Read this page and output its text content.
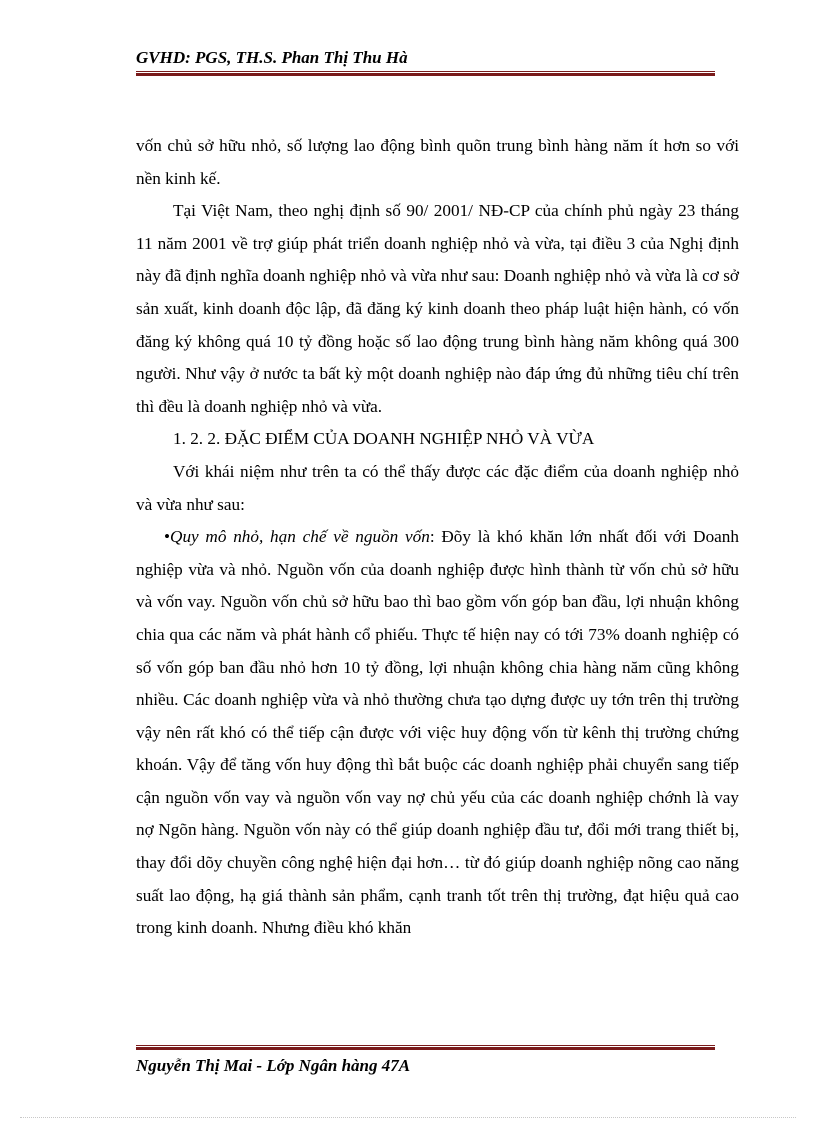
GVHD: PGS, TH.S. Phan Thị Thu Hà

vốn chủ sở hữu nhỏ, số lượng lao động bình quõn trung bình hàng năm ít hơn so với nền kinh kế.

Tại Việt Nam, theo nghị định số 90/ 2001/ NĐ-CP của chính phủ ngày 23 tháng 11 năm 2001 về trợ giúp phát triển doanh nghiệp nhỏ và vừa, tại điều 3 của Nghị định này đã định nghĩa doanh nghiệp nhỏ và vừa như sau: Doanh nghiệp nhỏ và vừa là cơ sở sản xuất, kinh doanh độc lập, đã đăng ký kinh doanh theo pháp luật hiện hành, có vốn đăng ký không quá 10 tỷ đồng hoặc số lao động trung bình hàng năm không quá 300 người. Như vậy ở nước ta bất kỳ một doanh nghiệp nào đáp ứng đủ những tiêu chí trên thì đều là doanh nghiệp nhỏ và vừa.

1. 2. 2. ĐẶC ĐIỂM CỦA DOANH NGHIỆP NHỎ VÀ VỪA

Với khái niệm như trên ta có thể thấy được các đặc điểm của doanh nghiệp nhỏ và vừa như sau:

•Quy mô nhỏ, hạn chế về nguồn vốn: Đõy là khó khăn lớn nhất đối với Doanh nghiệp vừa và nhỏ. Nguồn vốn của doanh nghiệp được hình thành từ vốn chủ sở hữu và vốn vay. Nguồn vốn chủ sở hữu bao thì bao gồm vốn góp ban đầu, lợi nhuận không chia qua các năm và phát hành cổ phiếu. Thực tế hiện nay có tới 73% doanh nghiệp có số vốn góp ban đầu nhỏ hơn 10 tỷ đồng, lợi nhuận không chia hàng năm cũng không nhiều. Các doanh nghiệp vừa và nhỏ thường chưa tạo dựng được uy tớn trên thị trường vậy nên rất khó có thể tiếp cận được với việc huy động vốn từ kênh thị trường chứng khoán. Vậy để tăng vốn huy động thì bắt buộc các doanh nghiệp phải chuyển sang tiếp cận nguồn vốn vay và nguồn vốn vay nợ chủ yếu của các doanh nghiệp chớnh là vay nợ Ngõn hàng. Nguồn vốn này có thể giúp doanh nghiệp đầu tư, đổi mới trang thiết bị, thay đổi dõy chuyền công nghệ hiện đại hơn… từ đó giúp doanh nghiệp nõng cao năng suất lao động, hạ giá thành sản phẩm, cạnh tranh tốt trên thị trường, đạt hiệu quả cao trong kinh doanh. Nhưng điều khó khăn

Nguyễn Thị Mai - Lớp Ngân hàng 47A
